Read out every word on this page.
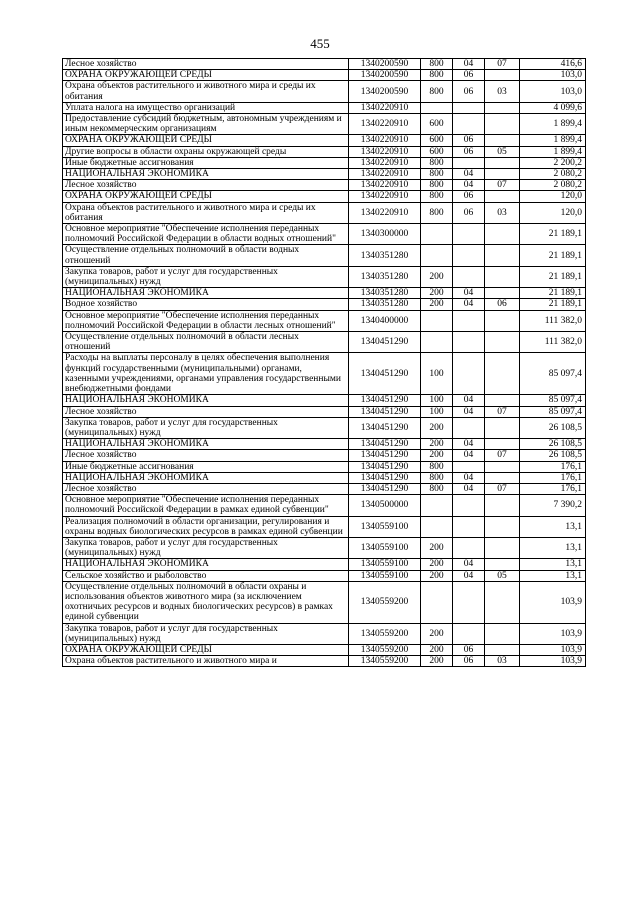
455
Лесное хозяйство	1340200590	800	04	07	416,6
ОХРАНА ОКРУЖАЮЩЕЙ СРЕДЫ	1340200590	800	06		103,0
Охрана объектов растительного и животного мира и среды их обитания	1340200590	800	06	03	103,0
Уплата налога на имущество организаций	1340220910				4 099,6
Предоставление субсидий бюджетным, автономным учреждениям и иным некоммерческим организациям	1340220910	600			1 899,4
ОХРАНА ОКРУЖАЮЩЕЙ СРЕДЫ	1340220910	600	06		1 899,4
Другие вопросы в области охраны окружающей среды	1340220910	600	06	05	1 899,4
Иные бюджетные ассигнования	1340220910	800			2 200,2
НАЦИОНАЛЬНАЯ ЭКОНОМИКА	1340220910	800	04		2 080,2
Лесное хозяйство	1340220910	800	04	07	2 080,2
ОХРАНА ОКРУЖАЮЩЕЙ СРЕДЫ	1340220910	800	06		120,0
Охрана объектов растительного и животного мира и среды их обитания	1340220910	800	06	03	120,0
Основное мероприятие "Обеспечение исполнения переданных полномочий Российской Федерации в области водных отношений"	1340300000				21 189,1
Осуществление отдельных полномочий в области водных отношений	1340351280				21 189,1
Закупка товаров, работ и услуг для государственных (муниципальных) нужд	1340351280	200			21 189,1
НАЦИОНАЛЬНАЯ ЭКОНОМИКА	1340351280	200	04		21 189,1
Водное хозяйство	1340351280	200	04	06	21 189,1
Основное мероприятие "Обеспечение исполнения переданных полномочий Российской Федерации в области лесных отношений"	1340400000				111 382,0
Осуществление отдельных полномочий в области лесных отношений	1340451290				111 382,0
Расходы на выплаты персоналу в целях обеспечения выполнения функций государственными (муниципальными) органами, казенными учреждениями, органами управления государственными внебюджетными фондами	1340451290	100			85 097,4
НАЦИОНАЛЬНАЯ ЭКОНОМИКА	1340451290	100	04		85 097,4
Лесное хозяйство	1340451290	100	04	07	85 097,4
Закупка товаров, работ и услуг для государственных (муниципальных) нужд	1340451290	200			26 108,5
НАЦИОНАЛЬНАЯ ЭКОНОМИКА	1340451290	200	04		26 108,5
Лесное хозяйство	1340451290	200	04	07	26 108,5
Иные бюджетные ассигнования	1340451290	800			176,1
НАЦИОНАЛЬНАЯ ЭКОНОМИКА	1340451290	800	04		176,1
Лесное хозяйство	1340451290	800	04	07	176,1
Основное мероприятие "Обеспечение исполнения переданных полномочий Российской Федерации в рамках единой субвенции"	1340500000				7 390,2
Реализация полномочий в области организации, регулирования и охраны водных биологических ресурсов в рамках единой субвенции	1340559100				13,1
Закупка товаров, работ и услуг для государственных (муниципальных) нужд	1340559100	200			13,1
НАЦИОНАЛЬНАЯ ЭКОНОМИКА	1340559100	200	04		13,1
Сельское хозяйство и рыболовство	1340559100	200	04	05	13,1
Осуществление отдельных полномочий в области охраны и использования объектов животного мира (за исключением охотничьих ресурсов и водных биологических ресурсов) в рамках единой субвенции	1340559200				103,9
Закупка товаров, работ и услуг для государственных (муниципальных) нужд	1340559200	200			103,9
ОХРАНА ОКРУЖАЮЩЕЙ СРЕДЫ	1340559200	200	06		103,9
Охрана объектов растительного и животного мира и	1340559200	200	06	03	103,9
